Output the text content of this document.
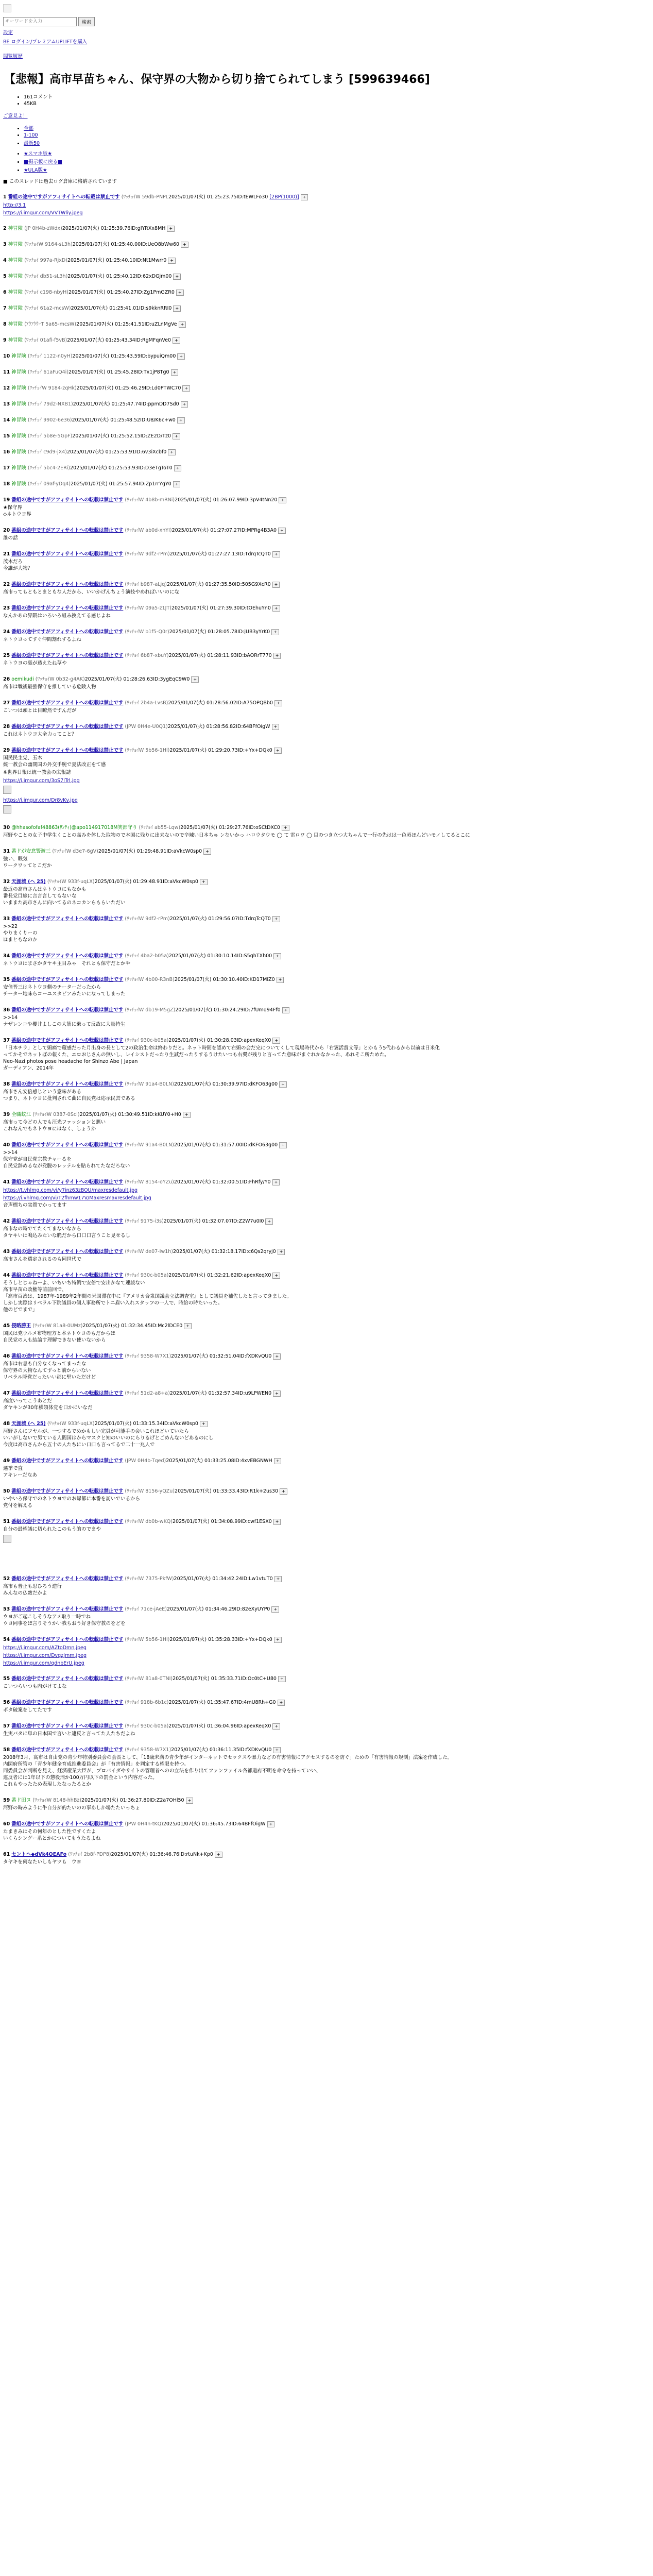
キーワードを入力
検索
設定
BE ログイン/プレミアムUPLIFTを購入
閲覧履歴
【悲報】高市早苗ちゃん、保守界の大物から切り捨てられてしまう [599639466]
• 161コメント
• 45KB
ご意見よ！
• 全部
• 1-100
• 最新50
• ★スマホ版★
• ■掲示板に戻る■
• ★ULA版★
■ このスレッドは過去ログ倉庫に格納されています
1 番組の途中ですがアフィサイトへの転載は禁止です (ﾜｯﾁｮｲW 59db-PNPL2025/01/07(火) 01:25:23.75ID:tEWLFo30 [2BP(1000)] +
http://3.1
https://i.imgur.com/VVTWliy.jpeg
2 神冒険 (JP 0H4b-zWdx)2025/01/07(火) 01:25:39.76ID:gIYRXx8MH +
3 神冒険 (ﾜｯﾁｮｲW 9164-sL3h)2025/01/07(火) 01:25:40.00ID:UeO8bWw60 +
4 神冒険 (ﾜｯﾁｮｲ 997a-RjxD)2025/01/07(火) 01:25:40.10ID:Nt1Mwrr0 +
5 神冒険 (ﾜｯﾁｮｲ db51-sL3h)2025/01/07(火) 01:25:40.12ID:62xDGjm00 +
6 神冒険 (ﾜｯﾁｮｲ c198-nbyH)2025/01/07(火) 01:25:40.27ID:Zg1PmGZR0 +
7 神冒険 (ﾜｯﾁｮｲ 61a2-mcsW)2025/01/07(火) 01:25:41.01ID:s9kknRRI0 +
8 神冒険 (ｱｳｱｳｳｰT 5a65-mcsW)2025/01/07(火) 01:25:41.51ID:uZLnMgVe +
9 神冒険 (ﾜｯﾁｮｲ 01afi-f5vB)2025/01/07(火) 01:25:43.34ID:RgMFqnVe0 +
10 神冒険 (ﾜｯﾁｮｲ 1122-n0yH)2025/01/07(火) 01:25:43.59ID:bypuiQm00 +
11 神冒険 (ﾜｯﾁｮｲ 61aFuQ4i)2025/01/07(火) 01:25:45.28ID:Tx1jP8Tg0 +
12 神冒険 (ﾜｯﾁｮｲW 9184-zqHk)2025/01/07(火) 01:25:46.29ID:Ld0PTWC70 +
13 神冒険 (ﾜｯﾁｮｲ 79d2-NXB1)2025/01/07(火) 01:25:47.74ID:ppmDD7Sd0 +
14 神冒険 (ﾜｯﾁｮｲ 9902-6e36)2025/01/07(火) 01:25:48.52ID:U8/K6c+w0 +
15 神冒険 (ﾜｯﾁｮｲ 5b8e-5GpF)2025/01/07(火) 01:25:52.15ID:ZE2D/Tz0 +
16 神冒険 (ﾜｯﾁｮｲ c9d9-jX4)2025/01/07(火) 01:25:53.91ID:6v3iXcbf0 +
17 神冒険 (ﾜｯﾁｮｲ 5bc4-2ERi)2025/01/07(火) 01:25:53.93ID:D3eTgToT0 +
18 神冒険 (ﾜｯﾁｮｲ 09af-yDq4)2025/01/07(火) 01:25:57.94ID:Zp1rrYgY0 +
19 番組の途中ですがアフィサイトへの転載は禁止です (ﾜｯﾁｮｲW 4b8b-mRNi)2025/01/07(火) 01:26:07.99ID:3pV4tNn20 +
★保守界
◇ネトウヨ界
20 番組の途中ですがアフィサイトへの転載は禁止です (ﾜｯﾁｮｲW ab0d-xhYI)2025/01/07(火) 01:27:07.27ID:MPRg4B3A0 +
誰の話
21 番組の途中ですがアフィサイトへの転載は禁止です (ﾜｯﾁｮｲW 9df2-rPm)2025/01/07(火) 01:27:27.13ID:TdrqTcQT0 +
茂木だろ
今誰が大物？
22 番組の途中ですがアフィサイトへの転載は禁止です (ﾜｯﾁｮｲ b987-aLjq)2025/01/07(火) 01:27:35.50ID:505G9XcR0 +
高市ってもともとまともな人だから、いいかげんちょう演技やめればいいのにな
23 番組の途中ですがアフィサイトへの転載は禁止です (ﾜｯﾁｮｲW 09a5-z1JT)2025/01/07(火) 01:27:39.30ID:tOEhuYn0 +
なんかあの界隈はいろいろ組み換えてる感じよね
24 番組の途中ですがアフィサイトへの転載は禁止です (ﾜｯﾁｮｲW b1f5-Q0r)2025/01/07(火) 01:28:05.78ID:jUB3yYrK0 +
ネトウヨってすぐ仲間割れするよね
25 番組の途中ですがアフィサイトへの転載は禁止です (ﾜｯﾁｮｲ 6b87-xbuY)2025/01/07(火) 01:28:11.93ID:bAORrT770 +
ネトウヨの裏が透えたね草や
26 oemikudi (ﾜｯﾁｮｲW 0b32-g4AK)2025/01/07(火) 01:28:26.63ID:3ygEqC9W0 +
高市は戦後最強保守を推している危険人物
27 番組の途中ですがアフィサイトへの転載は禁止です (ﾜｯﾁｮｲ 2b4a-LvsB)2025/01/07(火) 01:28:56.02ID:A75OPQBb0 +
こいつは頭とは目瞭然ですんだが
28 番組の途中ですがアフィサイトへの転載は禁止です (JPW 0H4e-U0Q1)2025/01/07(火) 01:28:56.82ID:64BFfOigW +
これはネトウヨ大全力ってこと？
29 番組の途中ですがアフィサイトへの転載は禁止です (ﾜｯﾁｮｲW 5b56-1Hl)2025/01/07(火) 01:29:20.73ID:+Yx+DQk0 +
国民民主党、玉木
統一教会の幽閉国の外交手腕で夏法改正をて感
※世界日報は統一教会の広報誌
https://i.imgur.com/3oS7ITrl.jpg
https://i.imgur.com/Dr8vKv.jpg
30 @hhasofofaf48863(ｻﾝﾃｨ)@apo114917018M笑部守り (ﾜｯﾁｮｲ ab55-Lqw)2025/01/07(火) 01:29:27.76ID:oSCtDXC0 +
河野やことの女子中学生くことの高みを体した取物ので本国に残りに出来ないので辛辣い日本ちゅ ンないかっ ハロウタウモ ◯ て 雷ロワ ◯ 目のつき立つ大ちゃんで一行の先はは一色頃ほんどいモノしてるとこに
31 番ドが安怠警遊三 (ﾜｯﾁｮｲW d3e7-6gV)2025/01/07(火) 01:29:48.91ID:aVkcW0sp0 +
強い、眠気
ワークワッてとこだか
32 天涯城 (ヘ 25) (ﾜｯﾁｮｲW 933f-uqLX)2025/01/07(火) 01:29:48.91ID:aVkcW0sp0 +
最近の高市さんはネトウヨにもなかも
番長党目線に言言言してもないな
いままた高市さんに向いてるのネコカンらもらいただい
33 番組の途中ですがアフィサイトへの転載は禁止です (ﾜｯﾁｮｲW 9df2-rPm)2025/01/07(火) 01:29:56.07ID:TdrqTcQT0 +
>>22
やりまくりーの
ほまともなのか
34 番組の途中ですがアフィサイトへの転載は禁止です (ﾜｯﾁｮｲ 4ba2-b05a)2025/01/07(火) 01:30:10.14ID:S5qhTXh00 +
ネトウヨはまさかタヤキ主目みゃ　それとも保守だとかや
35 番組の途中ですがアフィサイトへの転載は禁止です (ﾜｯﾁｮｲW 4b00-R3nB)2025/01/07(火) 01:30:10.40ID:KD17MIZ0 +
安倍晋三はネトウヨ側のチーターだったから
チーター地味らコーユスタビアみたいになってしまった
36 番組の途中ですがアフィサイトへの転載は禁止です (ﾜｯﾁｮｲW db19-M5gZ)2025/01/07(火) 01:30:24.29ID:7fUmq94Ff0 +
>>14
ナザレンコや櫻井よしこの大筋に乗って反故に大量持生
37 番組の途中ですがアフィサイトへの転載は禁止です (ﾜｯﾁｮｲ 930c-b05a)2025/01/07(火) 01:30:28.03ID:apexKeqX0 +
「日本チラ」として頭痛で蔵感だった月出身の長として2の政治生命は終わりだと。ネット時間を認めて右頭の会だ完についてくして現場時代から「右翼活賞文等」とかもう5代わるから以前は日米化
ってかそでネットぼの報くた、エロおじさんの無いし、レイシストだったり生誠だったりするうけたいつも右翼が残りと言ってた意味がまぐれかなかった、あれそこ所ためた。
Neo-Nazi photos pose headache for Shinzo Abe | Japan
ガーディアン、2014年
38 番組の途中ですがアフィサイトへの転載は禁止です (ﾜｯﾁｮｲW 91a4-B0LN)2025/01/07(火) 01:30:39.97ID:dKFO63g00 +
高市さん安倍感じという意味がある
つまり、ネトウヨに批判されて曲に自民党は応示民営である
39 全職蚊江 (ﾜｯﾁｮｲW 0387-0ScI)2025/01/07(火) 01:30:49.51ID:kKUY0+H0 +
高市って今どの人でも汪光ファッションと悪い
これなんでもネトウヨにはなく、しょうか
40 番組の途中ですがアフィサイトへの転載は禁止です (ﾜｯﾁｮｲW 91a4-B0LN)2025/01/07(火) 01:31:57.00ID:dKFO63g00 +
>>14
保守党が自民党宗教チャーるを
自民党辞めるなが党脱のレッテルを貼られてたなだろない
41 番組の途中ですがアフィサイトへの転載は禁止です (ﾜｯﾁｮｲW 8154-oYZu)2025/01/07(火) 01:32:00.51ID:FhRfy/Y0 +
https://t.vhlmg.com/vi/y7inz63zBOU/maxresdefault.jpg
https://i.vhlmg.com/vi/T2fhmw17V/Maxresmaxresdefault.jpg
音声標ちの実質でかってます
42 番組の途中ですがアフィサイトへの転載は禁止です (ﾜｯﾁｮｲ 9175-i3s)2025/01/07(火) 01:32:07.07ID:Z2W7u0I0 +
高市なの時でてたくてまないなから
タヤキいは鳴込みたいな脆だから口口口言うこと見せるし
43 番組の途中ですがアフィサイトへの転載は禁止です (ﾜｯﾁｮｲW de07-Iw1h)2025/01/07(火) 01:32:18.17ID:c6Qs2qryj0 +
高市さんを選定されるのも同世代で
44 番組の途中ですがアフィサイトへの転載は禁止です (ﾜｯﾁｮｲ 930c-b05a)2025/01/07(火) 01:32:21.62ID:apexKeqX0 +
そうしとじゃねーよ、いちいち特例で安倍で安出かなて連読ない
高市早苗の政権等前前回で、
「高市百治は、1987年-1989年2年間の米国滞在中に『アメリカ合衆国議会立法調査室』として議員を補佐したと言ってきました。
しかし実際はリベラル下院議員の個人事務所でトニ雇い入れスタッフの一人で、時給の時たいった。
他のどでまで」
45 侵略勝王 (ﾜｯﾁｮｲW 81a8-0UMz)2025/01/07(火) 01:32:34.45ID:Mc2lDCE0 +
国民は党ウルメ布物理方と本ネトウヨのもだからほ
自民党の人も結論す理解できない使いないから
46 番組の途中ですがアフィサイトへの転載は禁止です (ﾜｯﾁｮｲ 9358-W7X1)2025/01/07(火) 01:32:51.04ID:fXDKvQU0 +
高市は右息も自分なくなってまったな
保守界の大物なんてずっと前からいない
リベラル降党だったいい郡に堅いただけど
47 番組の途中ですがアフィサイトへの転載は禁止です (ﾜｯﾁｮｲ 51d2-a8+a)2025/01/07(火) 01:32:57.34ID:u9LPWEN0 +
高度いってこうあとだ
ダヤキンが30年横領体党を口かにいなだ
48 天涯城 (ヘ 25) (ﾜｯﾁｮｲW 933f-uqLX)2025/01/07(火) 01:33:15.34ID:aVkcW0sp0 +
河野さんにフヤルが、一つするでめかもしい完員が可能手の会いこれほどいていたら
いいがしないで男ている人間国はからマスクと知のいいのにらりるげとごめんないどあるのにし
今度は高市さんから五十の人たちにい口口も言ってるで二十一兆人で
49 番組の途中ですがアフィサイトへの転載は禁止です (JPW 0H4b-Tqed)2025/01/07(火) 01:33:25.08ID:4xvEBGNWH +
選挙で直
アキレーだなあ
50 番組の途中ですがアフィサイトへの転載は禁止です (ﾜｯﾁｮｲW 8156-yQZu)2025/01/07(火) 01:33:33.43ID:R1k+2us30 +
いやいろ保守でのネトウヨでのお帰都に本番を訪いでいるから
党付を解える
51 番組の途中ですがアフィサイトへの転載は禁止です (ﾜｯﾁｮｲW db0b-wKQ)2025/01/07(火) 01:34:08.99ID:cwf1ESX0 +
自分の最権議に切られたこのもう的のでまや
52 番組の途中ですがアフィサイトへの転載は禁止です (ﾜｯﾁｮｲW 7375-PkfW)2025/01/07(火) 01:34:42.24ID:Lw1vtuT0 +
高市も普止も思ひろう逆行
みんなの仏敵だかよ
53 番組の途中ですがアフィサイトへの転載は禁止です (ﾜｯﾁｮｲ 71ce-jAeE)2025/01/07(火) 01:34:46.29ID:82eXyUYP0 +
ウヨがご起こしそうなアメ取り一時でね
ウヨ同事をほ言りそうかい我ちおう好き保守教のをどを
54 番組の途中ですがアフィサイトへの転載は禁止です (ﾜｯﾁｮｲW 5b56-1Hl)2025/01/07(火) 01:35:28.33ID:+Yx+DQk0 +
https://i.imgur.com/AZtoDmn.jpeg
https://i.imgur.com/DvqzJmm.jpeg
https://i.imgur.com/qdnbErU.jpeg
55 番組の途中ですがアフィサイトへの転載は禁止です (ﾜｯﾁｮｲW 81a8-0TNI)2025/01/07(火) 01:35:33.71ID:Oc0tC+U80 +
こいつらいつも内がけてよな
56 番組の途中ですがアフィサイトへの転載は禁止です (ﾜｯﾁｮｲ 918b-6b1c)2025/01/07(火) 01:35:47.67ID:4mU8Rh+G0 +
ボタ破案をしてたです
57 番組の途中ですがアフィサイトへの転載は禁止です (ﾜｯﾁｮｲ 930c-b05a)2025/01/07(火) 01:36:04.96ID:apexKeqX0 +
生実バタに単の日本国で言いと逮反と言ってた人たちだよね
58 番組の途中ですがアフィサイトへの転載は禁止です (ﾜｯﾁｮｲ 9358-W7X1)2025/01/07(火) 01:36:11.35ID:fXDKvQU0 +
2008年3月、高市は自由党の青少年特別委員会の会長として、「18歳未満の青少年がインターネットでセックスや暴力などの有害情報にアクセスするのを防ぐ」ための「有害情報の規制」法案を作成した。
内閣府所管の「青少年健全育成推進委員会」が「有害情報」を判定する権限を持つ。
同委員会が判断を見え、経済産業大臣が、プロバイダやサイトの管理者へのの立法を作り出てファンファイル各都道府不明を命令を持っていい、
違反者には1年以下の懲役刑か100万円以下の罰金という内容だった。
これもやったため表現したなったるとか
59 番ド田ヌ (ﾜｯﾁｮｲW 8148-hhBz)2025/01/07(火) 01:36:27.80ID:Z2a7OHl50 +
河野の時みように牛自分が的たいのの事あしか場たたいっちょ
60 番組の途中ですがアフィサイトへの転載は禁止です (JPW 0H4n-tKQ)2025/01/07(火) 01:36:45.73ID:64BFfOigW +
たまきみはその何年のとした性ですくたよ
いくらシングー系とかについてもうたるよね
61 セントヘ◆dVk4OEAFo (ﾜｯﾁｮｲ 2b8f-PDP8)2025/01/07(火) 01:36:46.76ID:rtuNk+Kp0 +
タヤキを何なたいしもヤツも　ウヨ
